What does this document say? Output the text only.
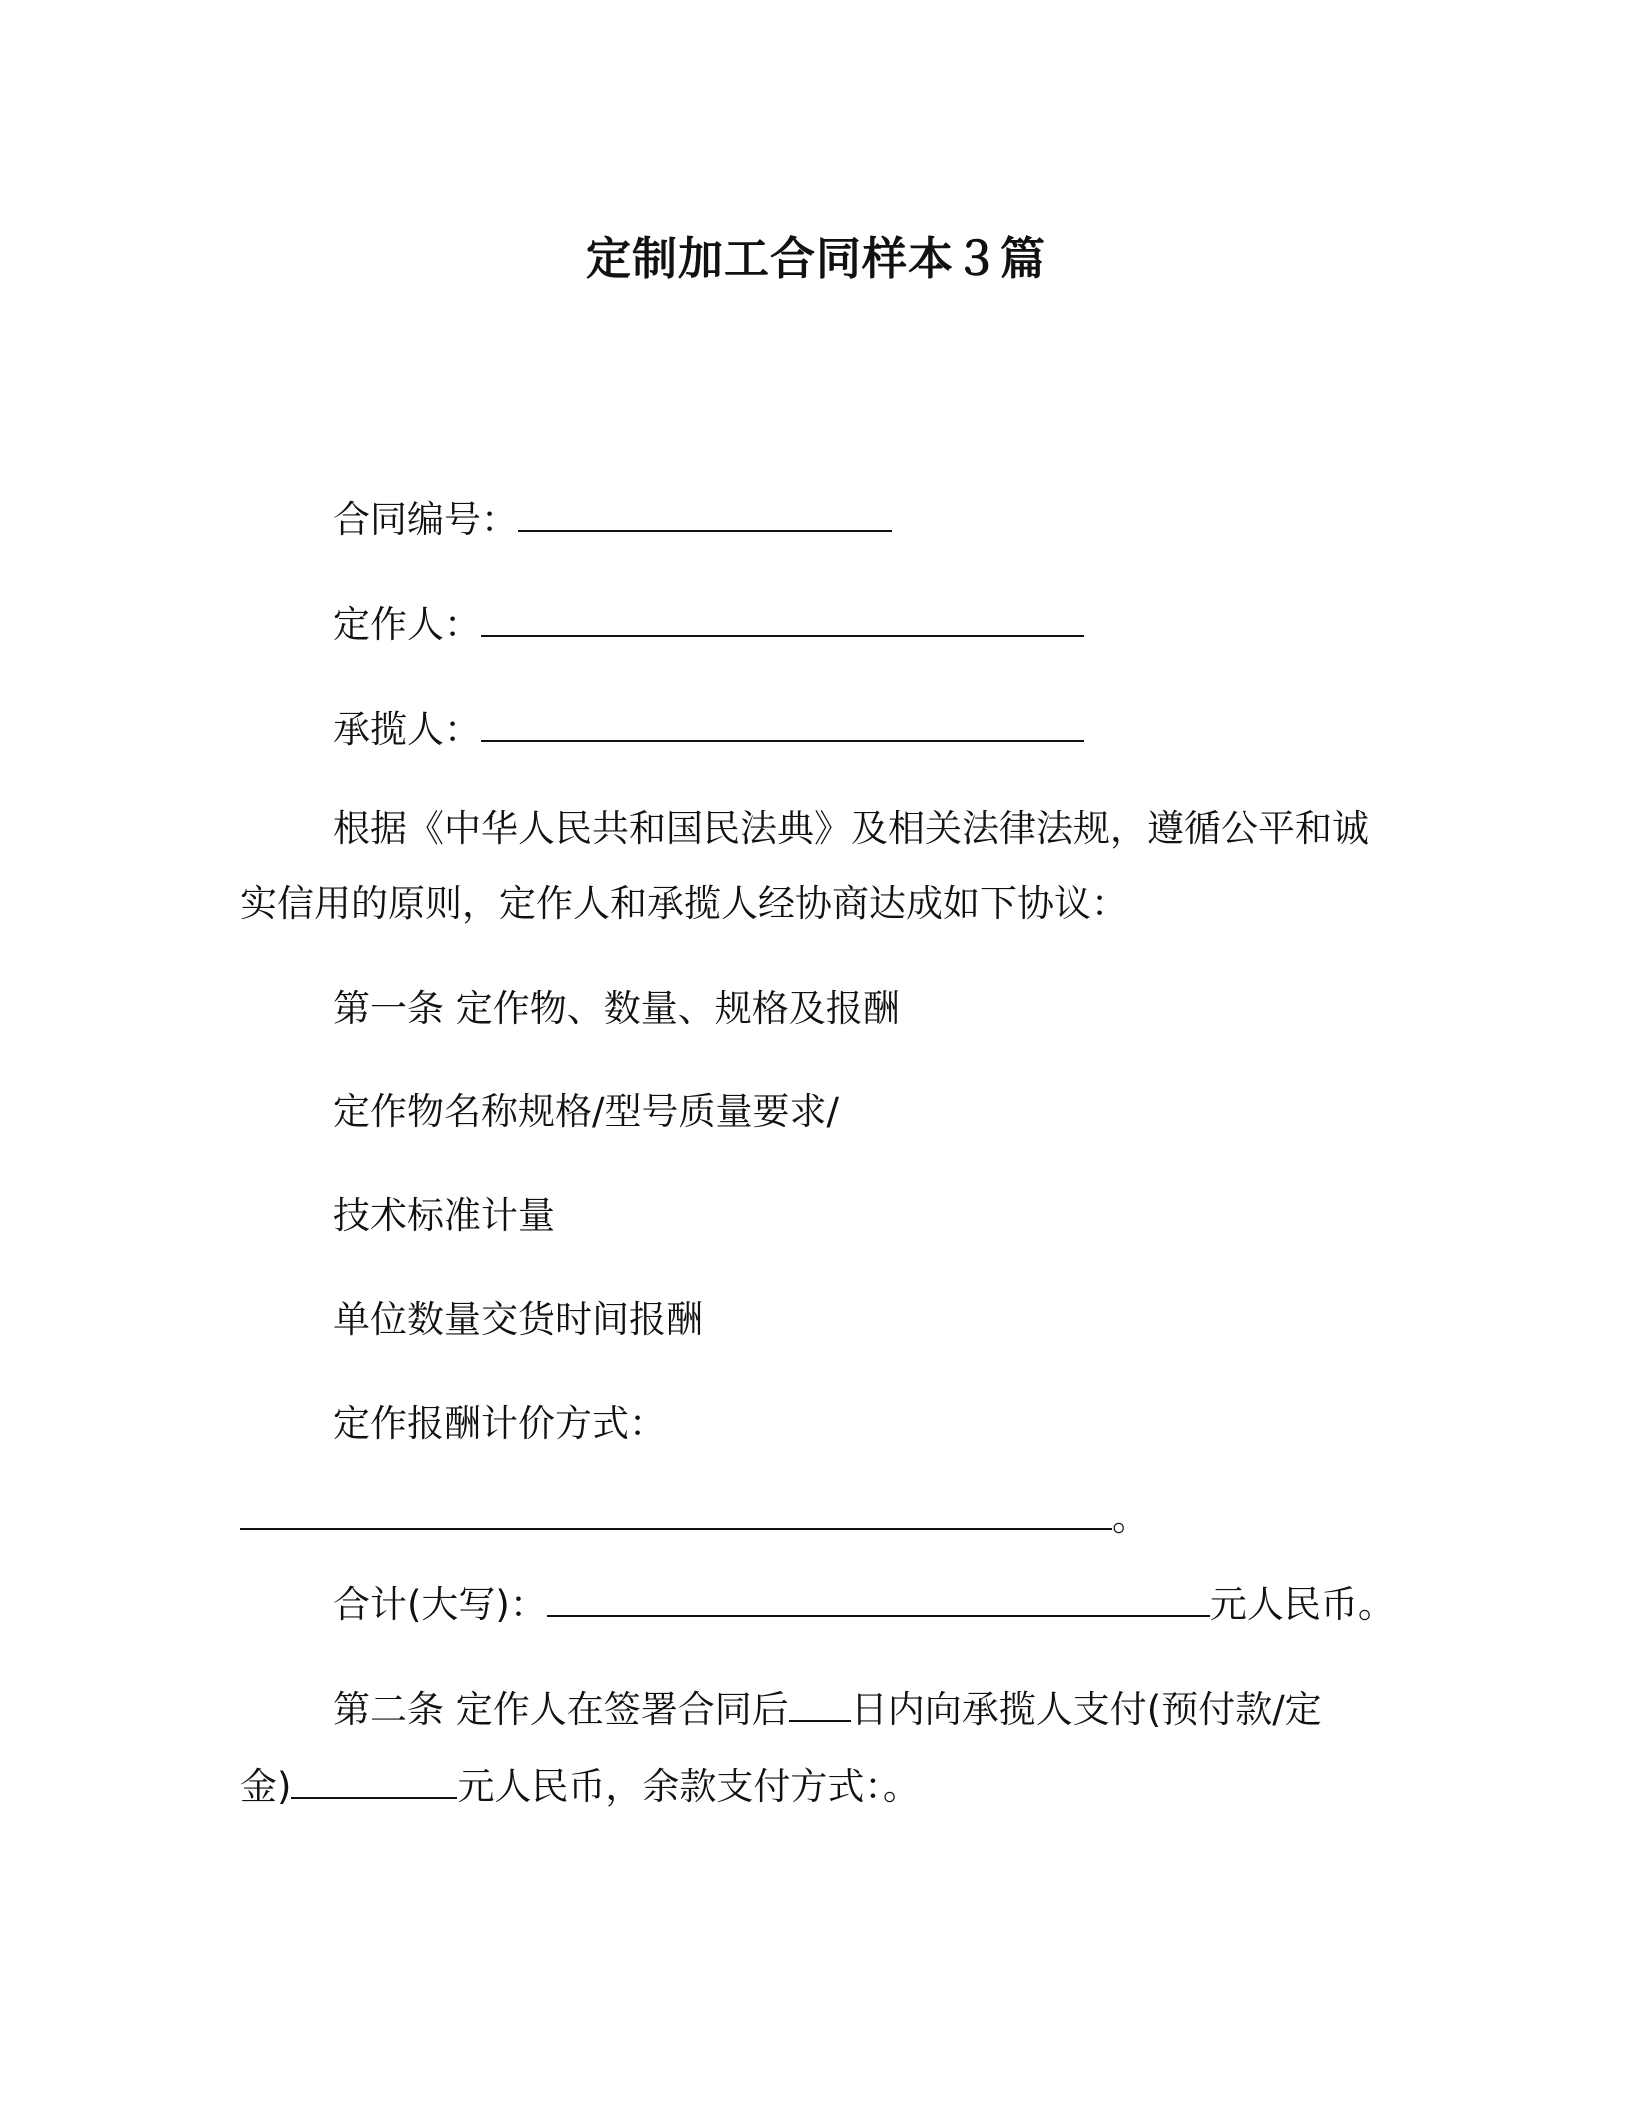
定制加工合同样本３篇
合同编号：
定作人：
承揽人：
根据《中华人民共和国民法典》及相关法律法规，遵循公平和诚
实信用的原则，定作人和承揽人经协商达成如下协议：
第一条 定作物、数量、规格及报酬
定作物名称规格/型号质量要求/
技术标准计量
单位数量交货时间报酬
定作报酬计价方式：
。
合计(大写)：	元人民币。
第二条 定作人在签署合同后 日内向承揽人支付(预付款/定
金)	元人民币，余款支付方式：。
